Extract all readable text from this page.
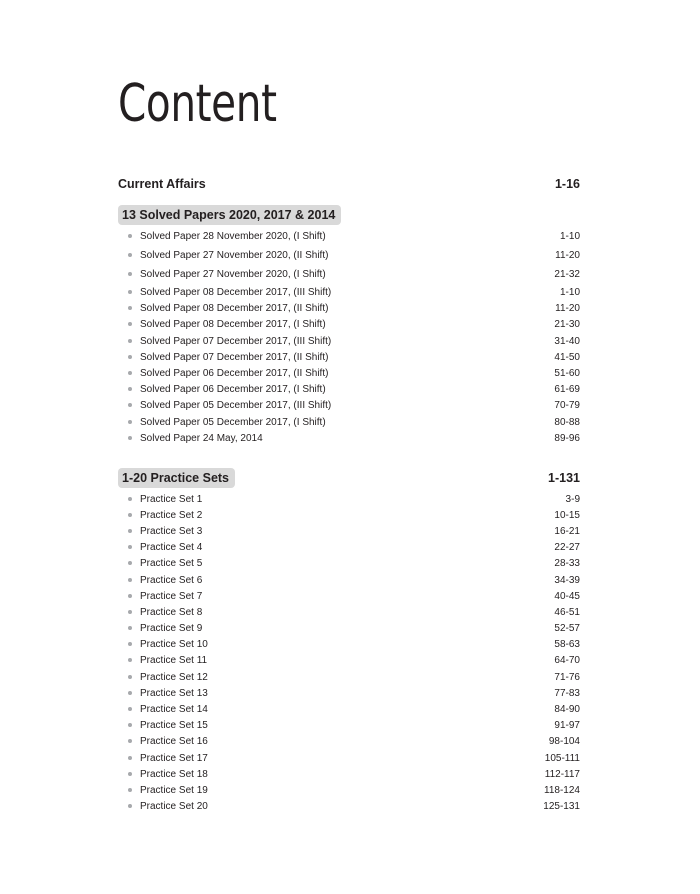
Content
Current Affairs	1-16
13 Solved Papers 2020, 2017 & 2014
Solved Paper 28 November 2020, (I Shift)	1-10
Solved Paper 27 November 2020, (II Shift)	11-20
Solved Paper 27 November 2020, (I Shift)	21-32
Solved Paper 08 December 2017, (III Shift)	1-10
Solved Paper 08 December 2017, (II Shift)	11-20
Solved Paper 08 December 2017, (I Shift)	21-30
Solved Paper 07 December 2017, (III Shift)	31-40
Solved Paper 07 December 2017, (II Shift)	41-50
Solved Paper 06 December 2017, (II Shift)	51-60
Solved Paper 06 December 2017, (I Shift)	61-69
Solved Paper 05 December 2017, (III Shift)	70-79
Solved Paper 05 December 2017, (I Shift)	80-88
Solved Paper 24 May, 2014	89-96
1-20 Practice Sets	1-131
Practice Set 1	3-9
Practice Set 2	10-15
Practice Set 3	16-21
Practice Set 4	22-27
Practice Set 5	28-33
Practice Set 6	34-39
Practice Set 7	40-45
Practice Set 8	46-51
Practice Set 9	52-57
Practice Set 10	58-63
Practice Set 11	64-70
Practice Set 12	71-76
Practice Set 13	77-83
Practice Set 14	84-90
Practice Set 15	91-97
Practice Set 16	98-104
Practice Set 17	105-111
Practice Set 18	112-117
Practice Set 19	118-124
Practice Set 20	125-131
